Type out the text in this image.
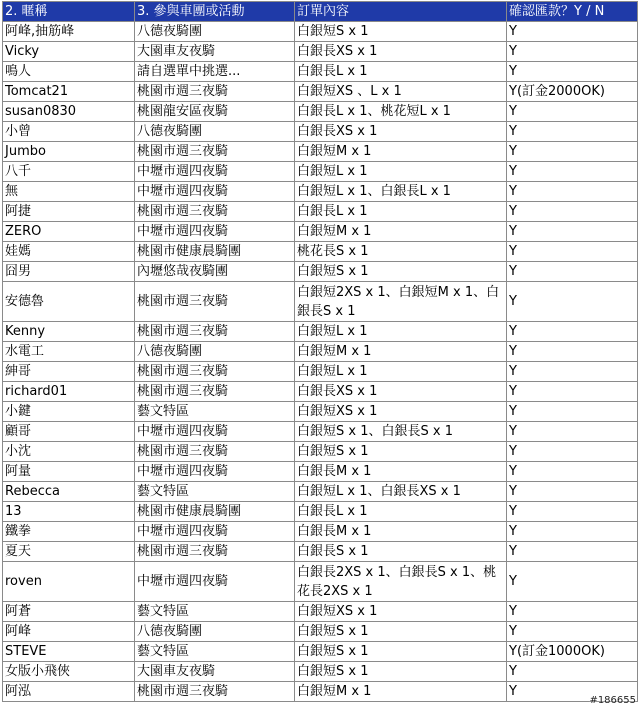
2. 暱稱	3. 參與車團或活動	訂單內容	確認匯款？Y / N
阿峰,抽筋峰	八德夜騎團	白銀短S x 1	Y
Vicky	大園車友夜騎	白銀長XS x 1	Y
鳴人	請自選單中挑選...	白銀長L x 1	Y
Tomcat21	桃園市週三夜騎	白銀短XS 、L x 1	Y(訂金2000OK)
susan0830	桃園龍安區夜騎	白銀長L x 1、桃花短L x 1	Y
小曾	八德夜騎團	白銀長XS x 1	Y
Jumbo	桃園市週三夜騎	白銀短M x 1	Y
八千	中壢市週四夜騎	白銀短L x 1	Y
無	中壢市週四夜騎	白銀短L x 1、白銀長L x 1	Y
阿捷	桃園市週三夜騎	白銀長L x 1	Y
ZERO	中壢市週四夜騎	白銀短M x 1	Y
娃媽	桃園市健康晨騎團	桃花長S x 1	Y
囧男	內壢悠哉夜騎團	白銀短S x 1	Y
安德魯	桃園市週三夜騎	白銀短2XS x 1、白銀短M x 1、白銀長S x 1	Y
Kenny	桃園市週三夜騎	白銀短L x 1	Y
水電工	八德夜騎團	白銀短M x 1	Y
紳哥	桃園市週三夜騎	白銀短L x 1	Y
richard01	桃園市週三夜騎	白銀長XS x 1	Y
小鍵	藝文特區	白銀短XS x 1	Y
顧哥	中壢市週四夜騎	白銀短S x 1、白銀長S x 1	Y
小沈	桃園市週三夜騎	白銀短S x 1	Y
阿量	中壢市週四夜騎	白銀長M x 1	Y
Rebecca	藝文特區	白銀短L x 1、白銀長XS x 1	Y
13	桃園市健康晨騎團	白銀長L x 1	Y
鐵拳	中壢市週四夜騎	白銀長M x 1	Y
夏天	桃園市週三夜騎	白銀長S x 1	Y
roven	中壢市週四夜騎	白銀長2XS x 1、白銀長S x 1、桃花長2XS x 1	Y
阿蒼	藝文特區	白銀短XS x 1	Y
阿峰	八德夜騎團	白銀短S x 1	Y
STEVE	藝文特區	白銀短S x 1	Y(訂金1000OK)
女版小飛俠	大園車友夜騎	白銀短S x 1	Y
阿泓	桃園市週三夜騎	白銀短M x 1	Y
#186655
